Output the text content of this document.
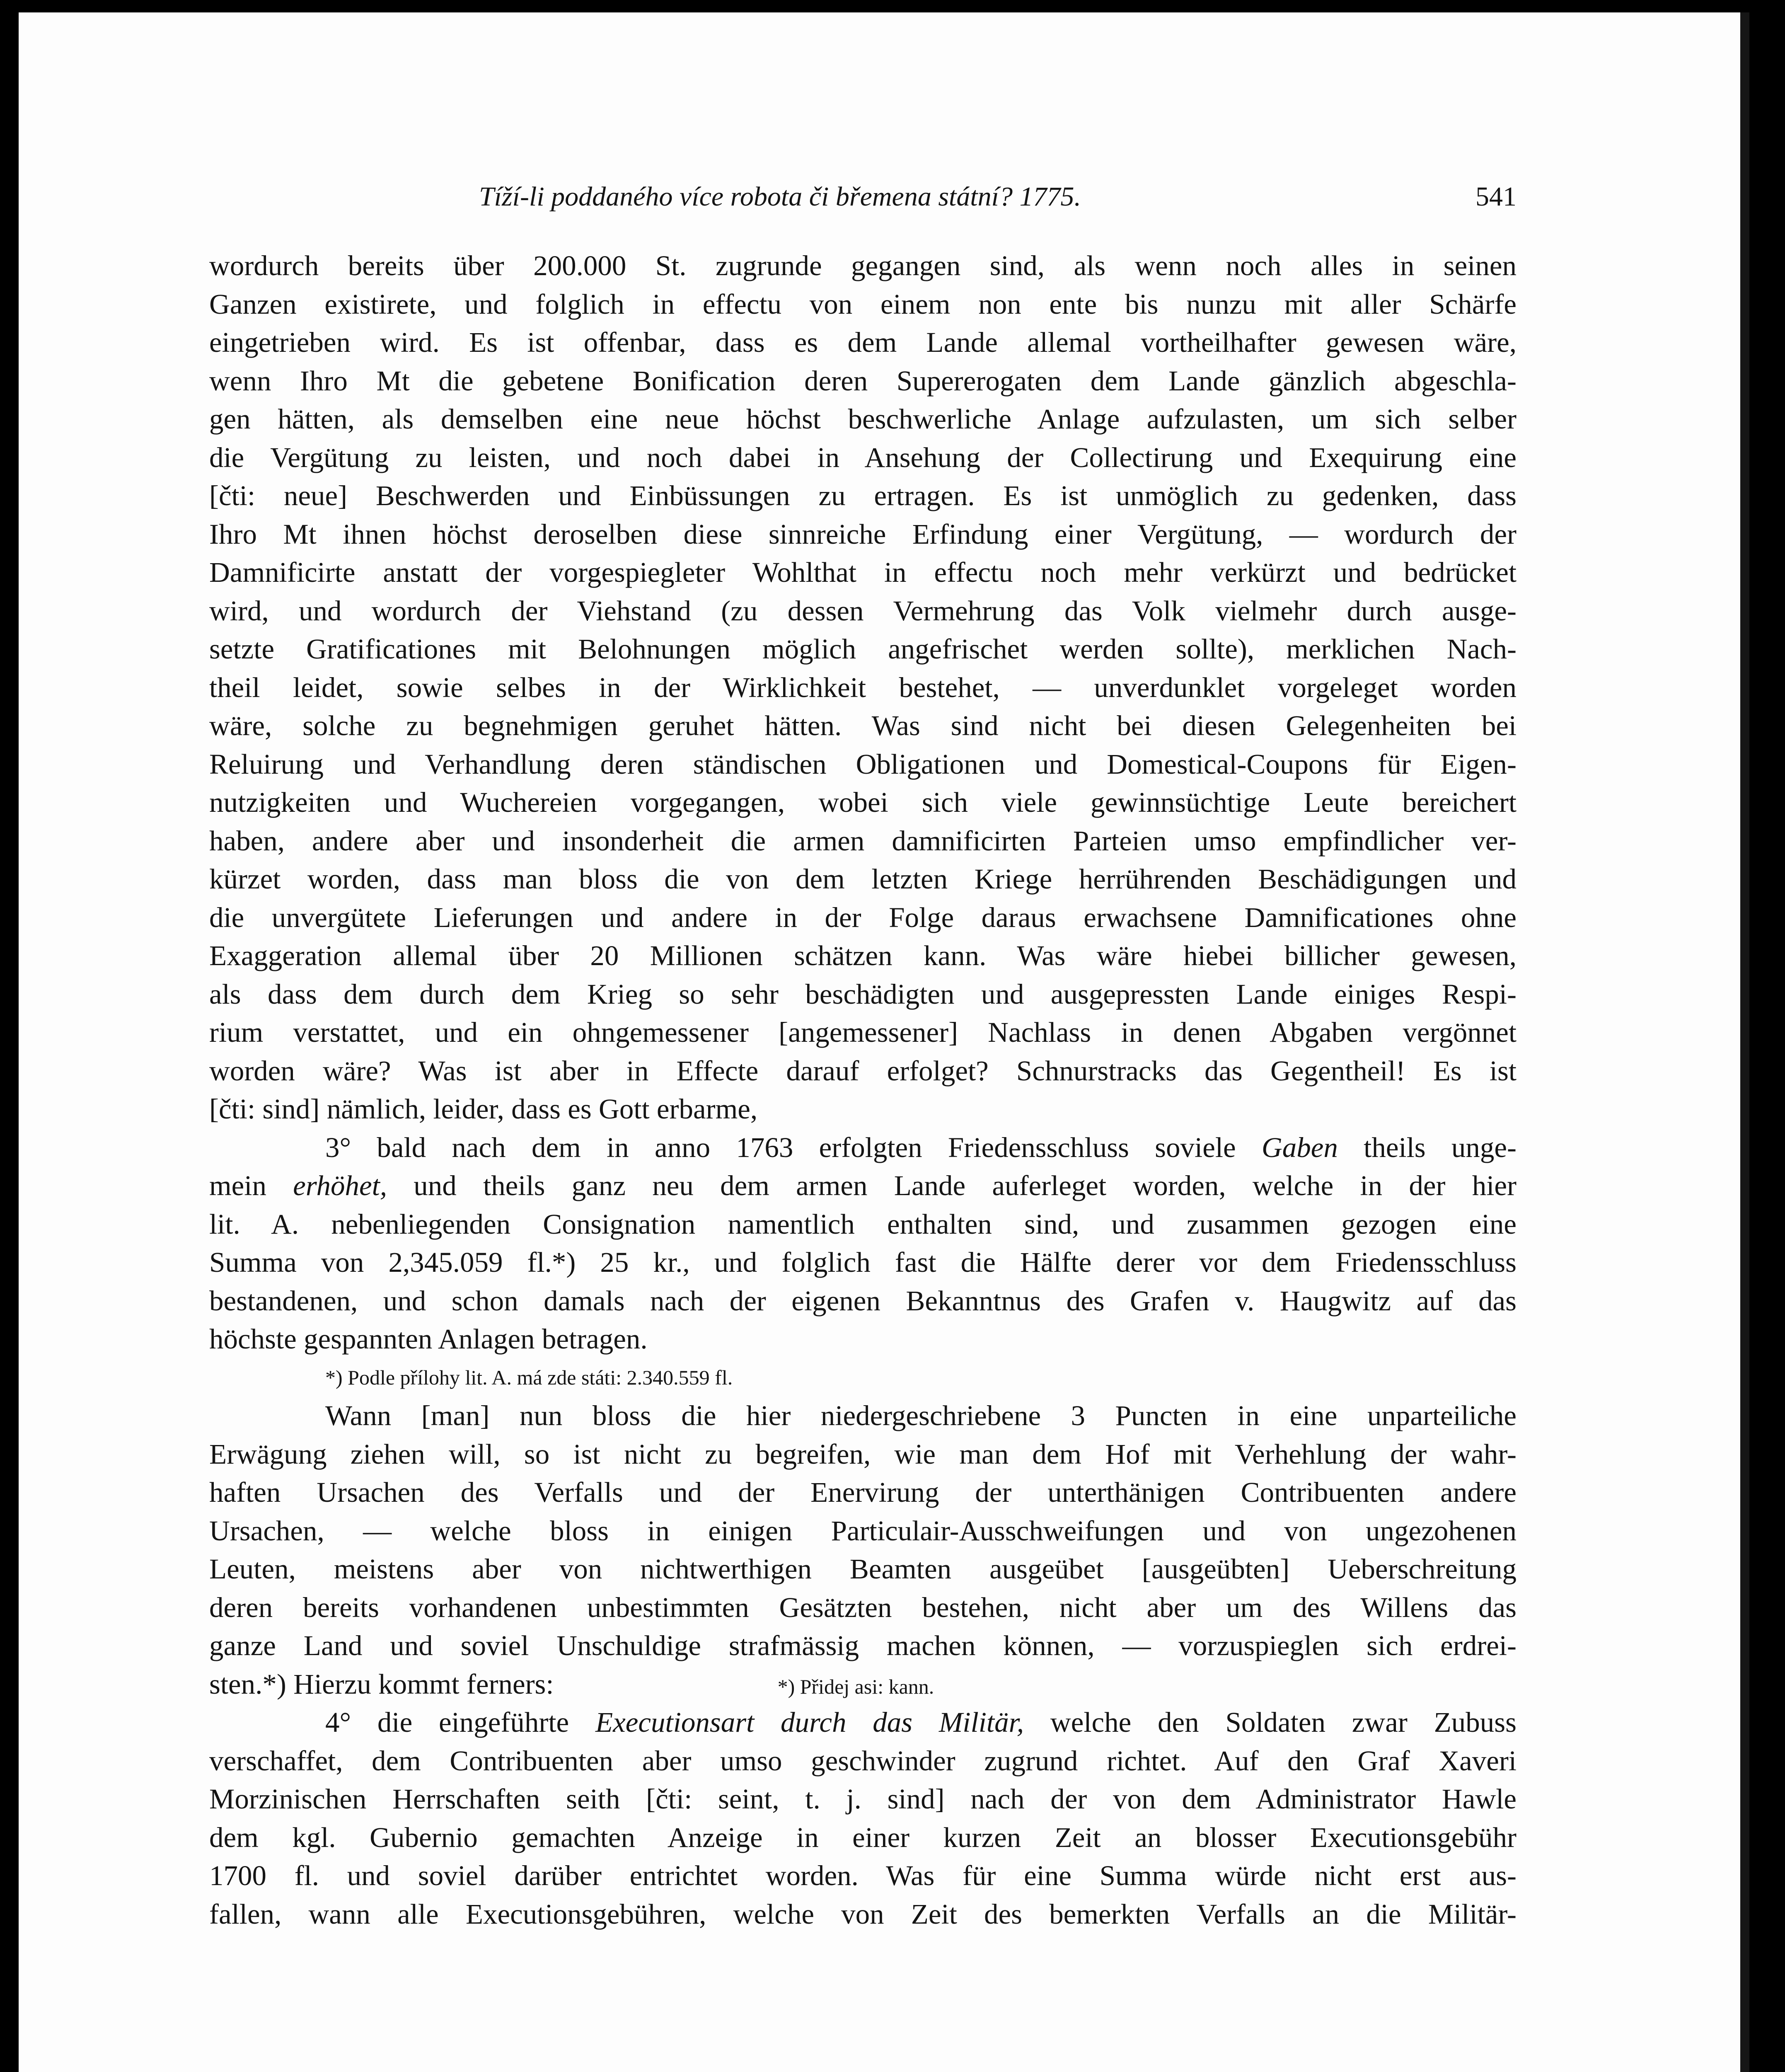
Tíží-li poddaného více robota či břemena státní? 1775.	541
wordurch bereits über 200.000 St. zugrunde gegangen sind, als wenn noch alles in seinen
Ganzen existirete, und folglich in effectu von einem non ente bis nunzu mit aller Schärfe
eingetrieben wird. Es ist offenbar, dass es dem Lande allemal vortheilhafter gewesen wäre,
wenn Ihro Mt die gebetene Bonification deren Supererogaten dem Lande gänzlich abgeschla-
gen hätten, als demselben eine neue höchst beschwerliche Anlage aufzulasten, um sich selber
die Vergütung zu leisten, und noch dabei in Ansehung der Collectirung und Exequirung eine
[čti: neue] Beschwerden und Einbüssungen zu ertragen. Es ist unmöglich zu gedenken, dass
Ihro Mt ihnen höchst deroselben diese sinnreiche Erfindung einer Vergütung, — wordurch der
Damnificirte anstatt der vorgespiegleter Wohlthat in effectu noch mehr verkürzt und bedrücket
wird, und wordurch der Viehstand (zu dessen Vermehrung das Volk vielmehr durch ausge-
setzte Gratificationes mit Belohnungen möglich angefrischet werden sollte), merklichen Nach-
theil leidet, sowie selbes in der Wirklichkeit bestehet, — unverdunklet vorgeleget worden
wäre, solche zu begnehmigen geruhet hätten. Was sind nicht bei diesen Gelegenheiten bei
Reluirung und Verhandlung deren ständischen Obligationen und Domestical-Coupons für Eigen-
nutzigkeiten und Wuchereien vorgegangen, wobei sich viele gewinnsüchtige Leute bereichert
haben, andere aber und insonderheit die armen damnificirten Parteien umso empfindlicher ver-
kürzet worden, dass man bloss die von dem letzten Kriege herrührenden Beschädigungen und
die unvergütete Lieferungen und andere in der Folge daraus erwachsene Damnificationes ohne
Exaggeration allemal über 20 Millionen schätzen kann. Was wäre hiebei billicher gewesen,
als dass dem durch dem Krieg so sehr beschädigten und ausgepressten Lande einiges Respi-
rium verstattet, und ein ohngemessener [angemessener] Nachlass in denen Abgaben vergönnet
worden wäre? Was ist aber in Effecte darauf erfolget? Schnurstracks das Gegentheil! Es ist
[čti: sind] nämlich, leider, dass es Gott erbarme,
3° bald nach dem in anno 1763 erfolgten Friedensschluss soviele Gaben theils unge-
mein erhöhet, und theils ganz neu dem armen Lande auferleget worden, welche in der hier
lit. A. nebenliegenden Consignation namentlich enthalten sind, und zusammen gezogen eine
Summa von 2,345.059 fl.*) 25 kr., und folglich fast die Hälfte derer vor dem Friedensschluss
bestandenen, und schon damals nach der eigenen Bekanntnus des Grafen v. Haugwitz auf das
höchste gespannten Anlagen betragen.
*) Podle přílohy lit. A. má zde státi: 2.340.559 fl.
Wann [man] nun bloss die hier niedergeschriebene 3 Puncten in eine unparteiliche
Erwägung ziehen will, so ist nicht zu begreifen, wie man dem Hof mit Verhehlung der wahr-
haften Ursachen des Verfalls und der Enervirung der unterthänigen Contribuenten andere
Ursachen, — welche bloss in einigen Particulair-Ausschweifungen und von ungezohenen
Leuten, meistens aber von nichtwerthigen Beamten ausgeübet [ausgeübten] Ueberschreitung
deren bereits vorhandenen unbestimmten Gesätzten bestehen, nicht aber um des Willens das
ganze Land und soviel Unschuldige strafmässig machen können, — vorzuspieglen sich erdrei-
sten.*) Hierzu kommt ferners:	*) Přidej asi: kann.
4° die eingeführte Executionsart durch das Militär, welche den Soldaten zwar Zubuss
verschaffet, dem Contribuenten aber umso geschwinder zugrund richtet. Auf den Graf Xaveri
Morzinischen Herrschaften seith [čti: seint, t. j. sind] nach der von dem Administrator Hawle
dem kgl. Gubernio gemachten Anzeige in einer kurzen Zeit an blosser Executionsgebühr
1700 fl. und soviel darüber entrichtet worden. Was für eine Summa würde nicht erst aus-
fallen, wann alle Executionsgebühren, welche von Zeit des bemerkten Verfalls an die Militär-
